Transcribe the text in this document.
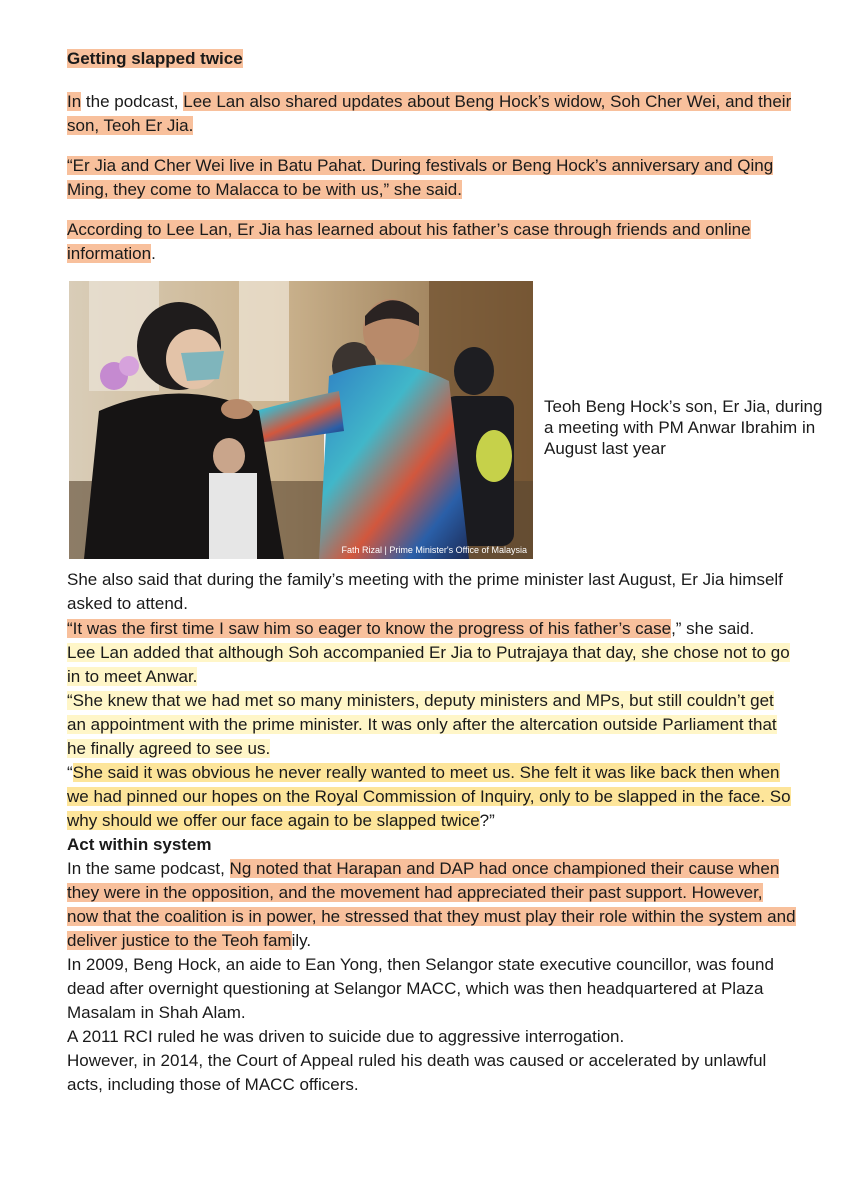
Getting slapped twice

In the podcast, Lee Lan also shared updates about Beng Hock’s widow, Soh Cher Wei, and their son, Teoh Er Jia.

“Er Jia and Cher Wei live in Batu Pahat. During festivals or Beng Hock’s anniversary and Qing Ming, they come to Malacca to be with us,” she said.

According to Lee Lan, Er Jia has learned about his father’s case through friends and online information.

Fath Rizal | Prime Minister's Office of Malaysia

Teoh Beng Hock’s son, Er Jia, during a meeting with PM Anwar Ibrahim in August last year

She also said that during the family’s meeting with the prime minister last August, Er Jia himself asked to attend.

“It was the first time I saw him so eager to know the progress of his father’s case,” she said.

Lee Lan added that although Soh accompanied Er Jia to Putrajaya that day, she chose not to go in to meet Anwar.

“She knew that we had met so many ministers, deputy ministers and MPs, but still couldn’t get an appointment with the prime minister. It was only after the altercation outside Parliament that he finally agreed to see us.

“She said it was obvious he never really wanted to meet us. She felt it was like back then when we had pinned our hopes on the Royal Commission of Inquiry, only to be slapped in the face. So why should we offer our face again to be slapped twice?”

Act within system

In the same podcast, Ng noted that Harapan and DAP had once championed their cause when they were in the opposition, and the movement had appreciated their past support. However, now that the coalition is in power, he stressed that they must play their role within the system and deliver justice to the Teoh family.

In 2009, Beng Hock, an aide to Ean Yong, then Selangor state executive councillor, was found dead after overnight questioning at Selangor MACC, which was then headquartered at Plaza Masalam in Shah Alam.

A 2011 RCI ruled he was driven to suicide due to aggressive interrogation.

However, in 2014, the Court of Appeal ruled his death was caused or accelerated by unlawful acts, including those of MACC officers.
